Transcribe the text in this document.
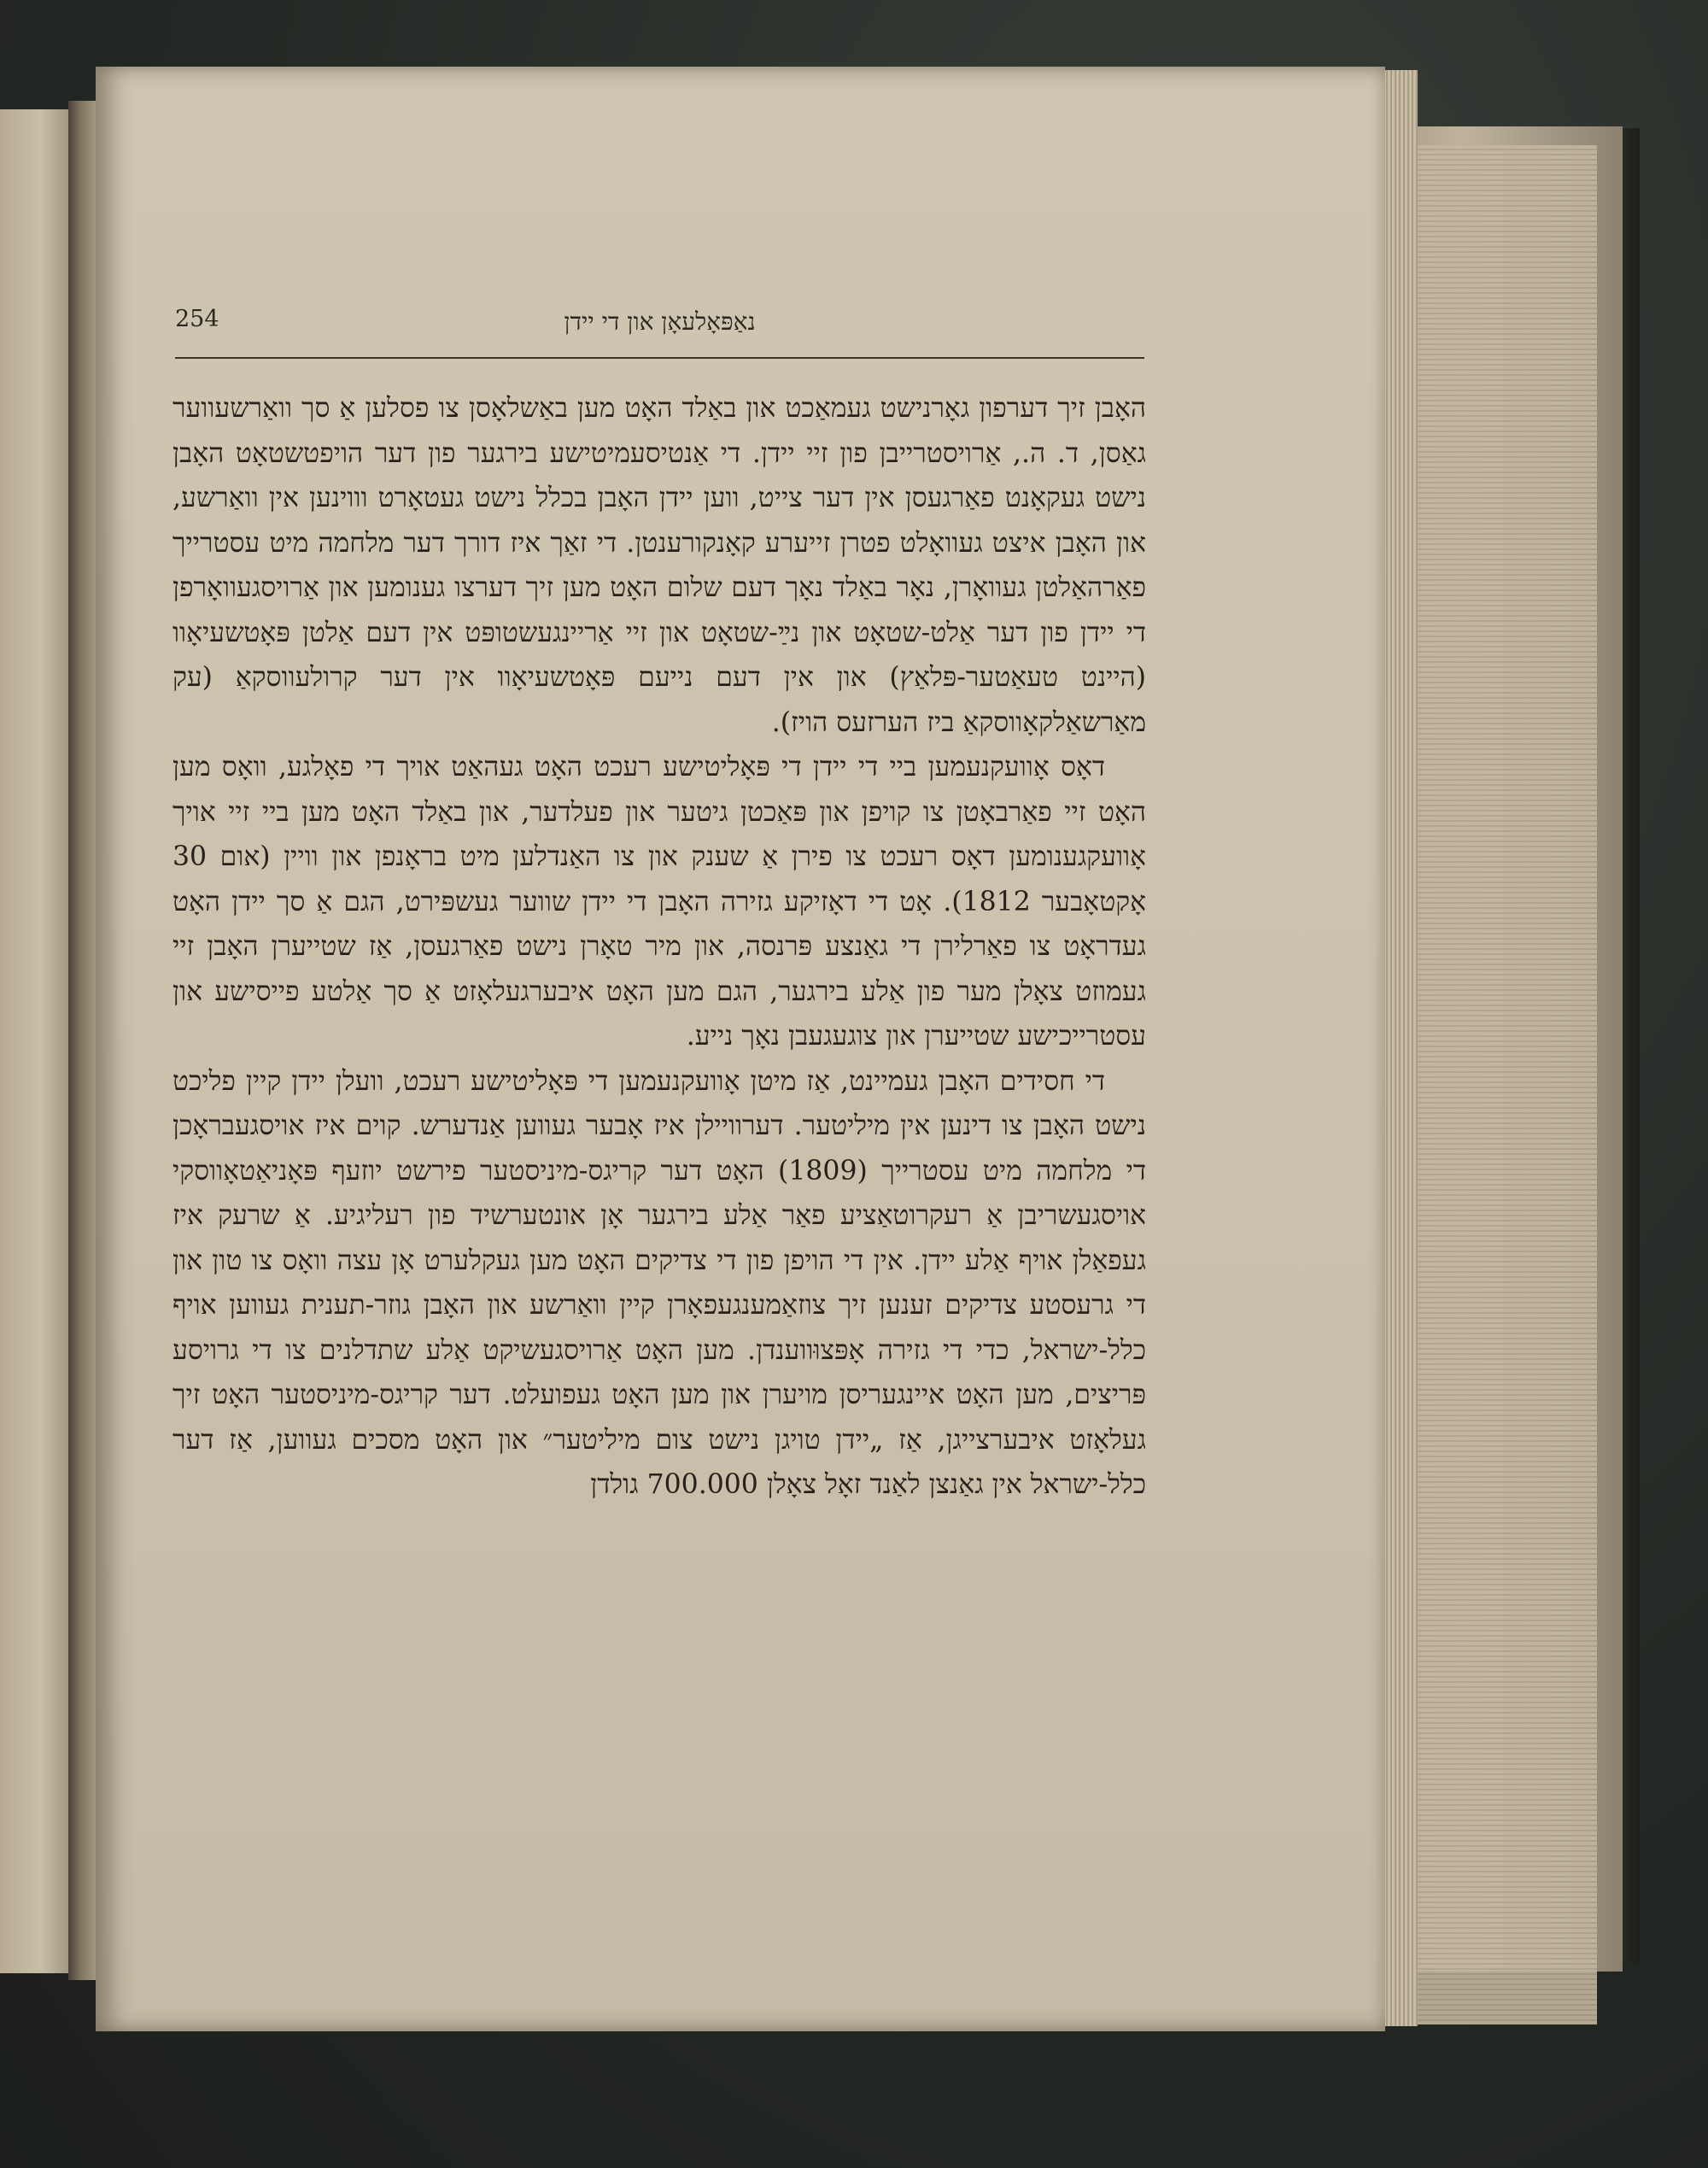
254	נאַפּאָלעאָן און די יידן

האָבן זיך דערפון גאָרנישט געמאַכט און באַלד האָט מען באַשלאָסן צו פסלען אַ סך וואַרשעווער גאַסן, ד. ה., אַרויסטרייבן פון זיי יידן. די אַנטיסעמיטישע בירגער פון דער הויפטשטאָט האָבן נישט געקאָנט פאַרגעסן אין דער צייט, ווען יידן האָבן בכלל נישט געטאָרט וווינען אין וואַרשע, און האָבן איצט געוואָלט פטרן זייערע קאָנקורענטן. די זאַך איז דורך דער מלחמה מיט עסטרייך פאַרהאַלטן געוואָרן, נאָר באַלד נאָך דעם שלום האָט מען זיך דערצו גענומען און אַרויסגעוואָרפן די יידן פון דער אַלט-שטאָט און נײַ-שטאָט און זיי אַריינגעשטופּט אין דעם אַלטן פּאָטשעיאָוו (היינט טעאַטער-פּלאַץ) און אין דעם נייעם פּאָטשעיאָוו אין דער קרולעווסקאַ (עק מאַרשאַלקאָווסקאַ ביז הערזעס הויז).

דאָס אָוועקנעמען ביי די יידן די פּאָליטישע רעכט האָט געהאַט אויך די פאָלגע, וואָס מען האָט זיי פאַרבאָטן צו קויפן און פּאַכטן גיטער און פעלדער, און באַלד האָט מען ביי זיי אויך אָוועקגענומען דאָס רעכט צו פירן אַ שענק און צו האַנדלען מיט בראָנפן און וויין (אום 30 אָקטאָבער 1812). אָט די דאָזיקע גזירה האָבן די יידן שווער געשפּירט, הגם אַ סך יידן האָט געדראָט צו פאַרלירן די גאַנצע פּרנסה, און מיר טאָרן נישט פאַרגעסן, אַז שטייערן האָבן זיי געמוזט צאָלן מער פון אַלע בירגער, הגם מען האָט איבערגעלאָזט אַ סך אַלטע פייסישע און עסטרייכישע שטייערן און צוגעגעבן נאָך נייע.

די חסידים האָבן געמיינט, אַז מיטן אָוועקנעמען די פּאָליטישע רעכט, וועלן יידן קיין פליכט נישט האָבן צו דינען אין מיליטער. דערוויילן איז אָבער געווען אַנדערש. קוים איז אויסגעבראָכן די מלחמה מיט עסטרייך (1809) האָט דער קריגס-מיניסטער פירשט יוזעף פּאָניאַטאָווסקי אויסגעשריבן אַ רעקרוטאַציע פאַר אַלע בירגער אָן אונטערשיד פון רעליגיע. אַ שרעק איז געפאַלן אויף אַלע יידן. אין די הויפן פון די צדיקים האָט מען געקלערט אָן עצה וואָס צו טון און די גרעסטע צדיקים זענען זיך צוזאַמענגעפאָרן קיין וואַרשע און האָבן גוזר-תענית געווען אויף כלל-ישראל, כדי די גזירה אָפּצוּווענדן. מען האָט אַרויסגעשיקט אַלע שתדלנים צו די גרויסע פּריצים, מען האָט איינגעריסן מויערן און מען האָט געפועלט. דער קריגס-מיניסטער האָט זיך געלאָזט איבערצייגן, אַז „יידן טויגן נישט צום מיליטער״ און האָט מסכים געווען, אַז דער כלל-ישראל אין גאַנצן לאַנד זאָל צאָלן 700.000 גולדן
